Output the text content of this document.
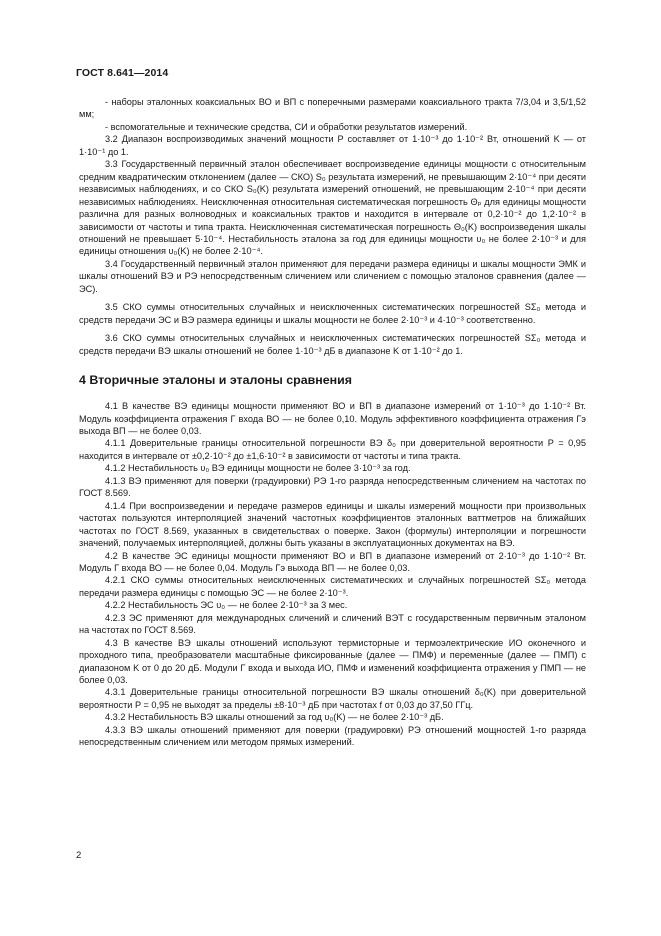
ГОСТ 8.641—2014

- наборы эталонных коаксиальных ВО и ВП с поперечными размерами коаксиального тракта 7/3,04 и 3,5/1,52 мм;

- вспомогательные и технические средства, СИ и обработки результатов измерений.

3.2 Диапазон воспроизводимых значений мощности P составляет от 1·10⁻³ до 1·10⁻² Вт, отношений K — от 1·10⁻¹ до 1.

3.3 Государственный первичный эталон обеспечивает воспроизведение единицы мощности с относительным средним квадратическим отклонением (далее — СКО) S₀ результата измерений, не превышающим 2·10⁻⁴ при десяти независимых наблюдениях, и со СКО S₀(K) результата измерений отношений, не превышающим 2·10⁻⁴ при десяти независимых наблюдениях. Неисключенная относительная систематическая погрешность Θₚ для единицы мощности различна для разных волноводных и коаксиальных трактов и находится в интервале от 0,2·10⁻² до 1,2·10⁻² в зависимости от частоты и типа тракта. Неисключенная систематическая погрешность Θ₀(K) воспроизведения шкалы отношений не превышает 5·10⁻⁴. Нестабильность эталона за год для единицы мощности υ₀ не более 2·10⁻³ и для единицы отношения υ₀(K) не более 2·10⁻⁴.

3.4 Государственный первичный эталон применяют для передачи размера единицы и шкалы мощности ЭМК и шкалы отношений ВЭ и РЭ непосредственным сличением или сличением с помощью эталонов сравнения (далее — ЭС).

3.5 СКО суммы относительных случайных и неисключенных систематических погрешностей SΣ₀ метода и средств передачи ЭС и ВЭ размера единицы и шкалы мощности не более 2·10⁻³ и 4·10⁻³ соответственно.

3.6 СКО суммы относительных случайных и неисключенных систематических погрешностей SΣ₀ метода и средств передачи ВЭ шкалы отношений не более 1·10⁻³ дБ в диапазоне K от 1·10⁻² до 1.

4 Вторичные эталоны и эталоны сравнения

4.1 В качестве ВЭ единицы мощности применяют ВО и ВП в диапазоне измерений от 1·10⁻³ до 1·10⁻² Вт. Модуль коэффициента отражения Г входа ВО — не более 0,10. Модуль эффективного коэффициента отражения Гэ выхода ВП — не более 0,03.

4.1.1 Доверительные границы относительной погрешности ВЭ δ₀ при доверительной вероятности P = 0,95 находится в интервале от ±0,2·10⁻² до ±1,6·10⁻² в зависимости от частоты и типа тракта.

4.1.2 Нестабильность υ₀ ВЭ единицы мощности не более 3·10⁻³ за год.

4.1.3 ВЭ применяют для поверки (градуировки) РЭ 1-го разряда непосредственным сличением на частотах по ГОСТ 8.569.

4.1.4 При воспроизведении и передаче размеров единицы и шкалы измерений мощности при произвольных частотах пользуются интерполяцией значений частотных коэффициентов эталонных ваттметров на ближайших частотах по ГОСТ 8.569, указанных в свидетельствах о поверке. Закон (формулы) интерполяции и погрешности значений, получаемых интерполяцией, должны быть указаны в эксплуатационных документах на ВЭ.

4.2 В качестве ЭС единицы мощности применяют ВО и ВП в диапазоне измерений от 2·10⁻³ до 1·10⁻² Вт. Модуль Г входа ВО — не более 0,04. Модуль Гэ выхода ВП — не более 0,03.

4.2.1 СКО суммы относительных неисключенных систематических и случайных погрешностей SΣ₀ метода передачи размера единицы с помощью ЭС — не более 2·10⁻³.

4.2.2 Нестабильность ЭС υ₀ — не более 2·10⁻³ за 3 мес.

4.2.3 ЭС применяют для международных сличений и сличений ВЭТ с государственным первичным эталоном на частотах по ГОСТ 8.569.

4.3 В качестве ВЭ шкалы отношений используют термисторные и термоэлектрические ИО оконечного и проходного типа, преобразователи масштабные фиксированные (далее — ПМФ) и переменные (далее — ПМП) с диапазоном K от 0 до 20 дБ. Модули Г входа и выхода ИО, ПМФ и изменений коэффициента отражения у ПМП — не более 0,03.

4.3.1 Доверительные границы относительной погрешности ВЭ шкалы отношений δ₀(K) при доверительной вероятности P = 0,95 не выходят за пределы ±8·10⁻³ дБ при частотах f от 0,03 до 37,50 ГГц.

4.3.2 Нестабильность ВЭ шкалы отношений за год υ₀(K) — не более 2·10⁻³ дБ.

4.3.3 ВЭ шкалы отношений применяют для поверки (градуировки) РЭ отношений мощностей 1-го разряда непосредственным сличением или методом прямых измерений.

2
